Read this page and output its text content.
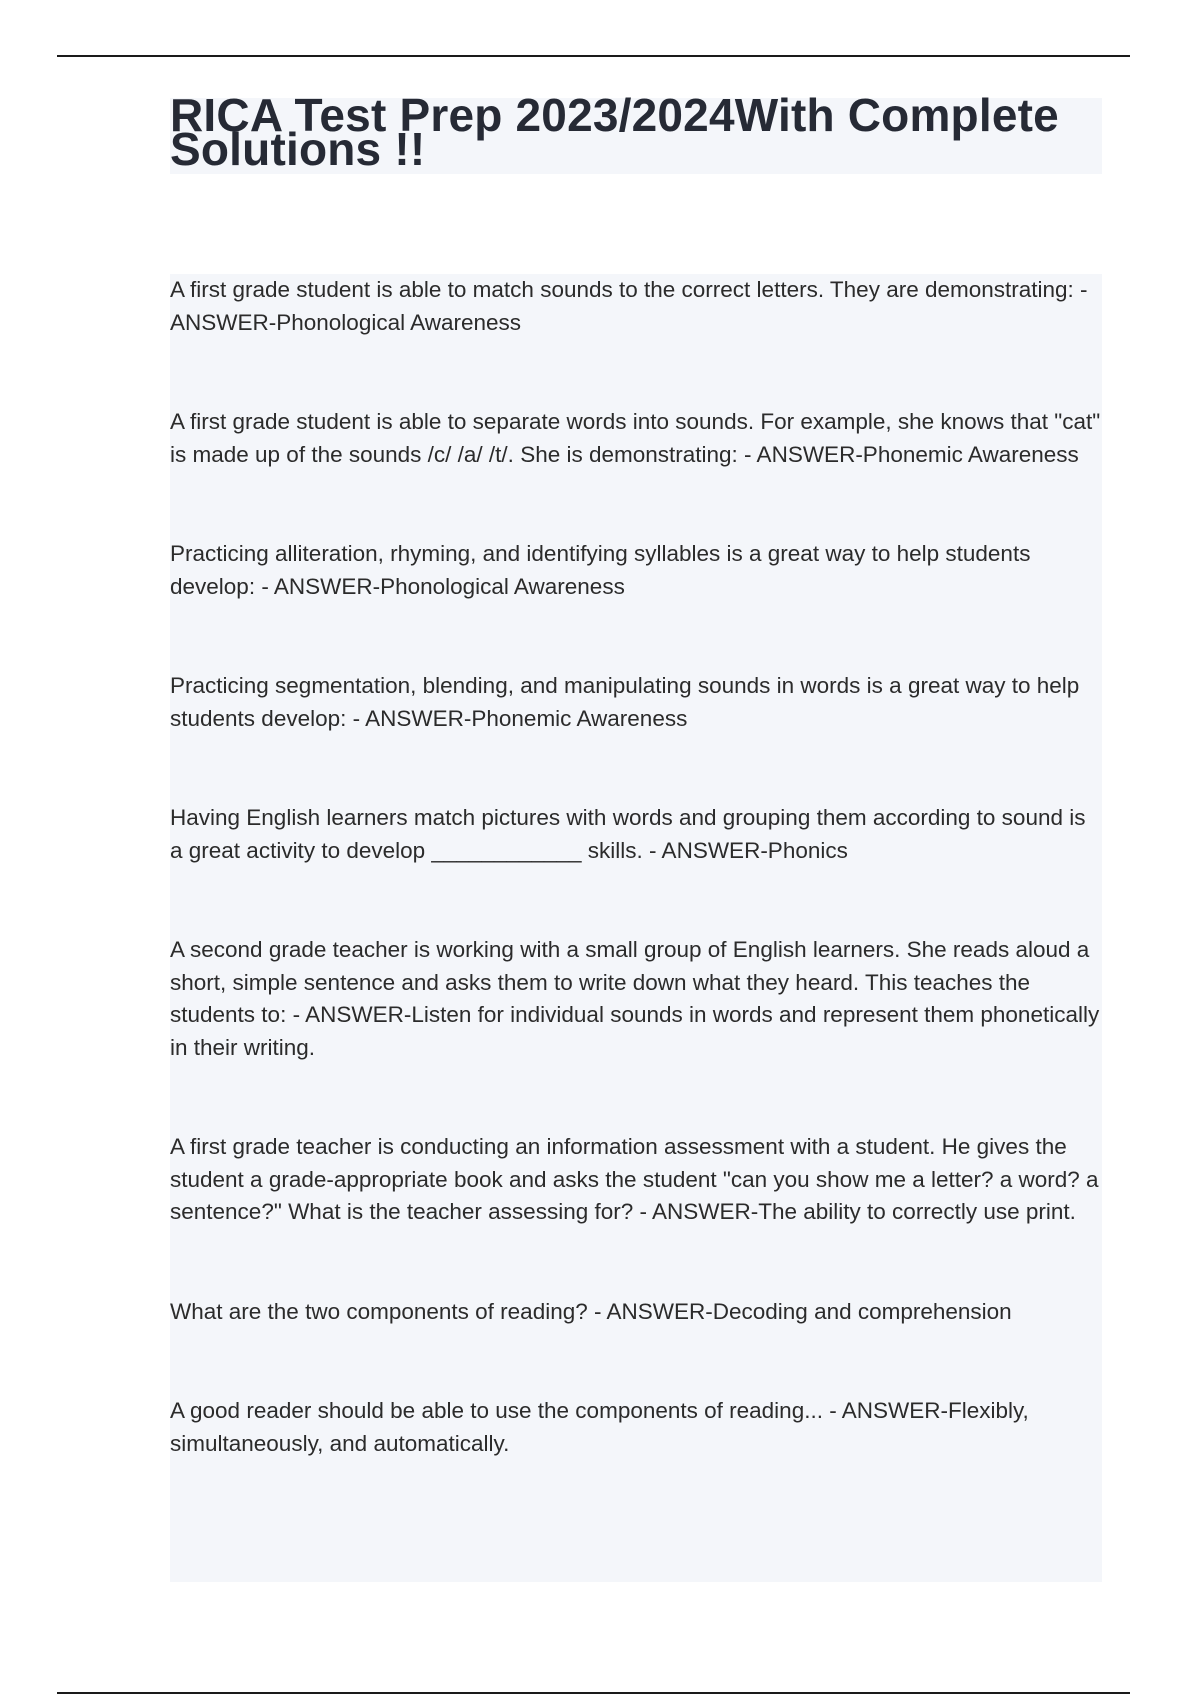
RICA Test Prep 2023/2024With Complete Solutions !!
A first grade student is able to match sounds to the correct letters. They are demonstrating: - ANSWER-Phonological Awareness
A first grade student is able to separate words into sounds. For example, she knows that "cat" is made up of the sounds /c/ /a/ /t/. She is demonstrating: - ANSWER-Phonemic Awareness
Practicing alliteration, rhyming, and identifying syllables is a great way to help students develop: - ANSWER-Phonological Awareness
Practicing segmentation, blending, and manipulating sounds in words is a great way to help students develop: - ANSWER-Phonemic Awareness
Having English learners match pictures with words and grouping them according to sound is a great activity to develop ____________ skills. - ANSWER-Phonics
A second grade teacher is working with a small group of English learners. She reads aloud a short, simple sentence and asks them to write down what they heard. This teaches the students to: - ANSWER-Listen for individual sounds in words and represent them phonetically in their writing.
A first grade teacher is conducting an information assessment with a student. He gives the student a grade-appropriate book and asks the student "can you show me a letter? a word? a sentence?" What is the teacher assessing for? - ANSWER-The ability to correctly use print.
What are the two components of reading? - ANSWER-Decoding and comprehension
A good reader should be able to use the components of reading... - ANSWER-Flexibly, simultaneously, and automatically.
